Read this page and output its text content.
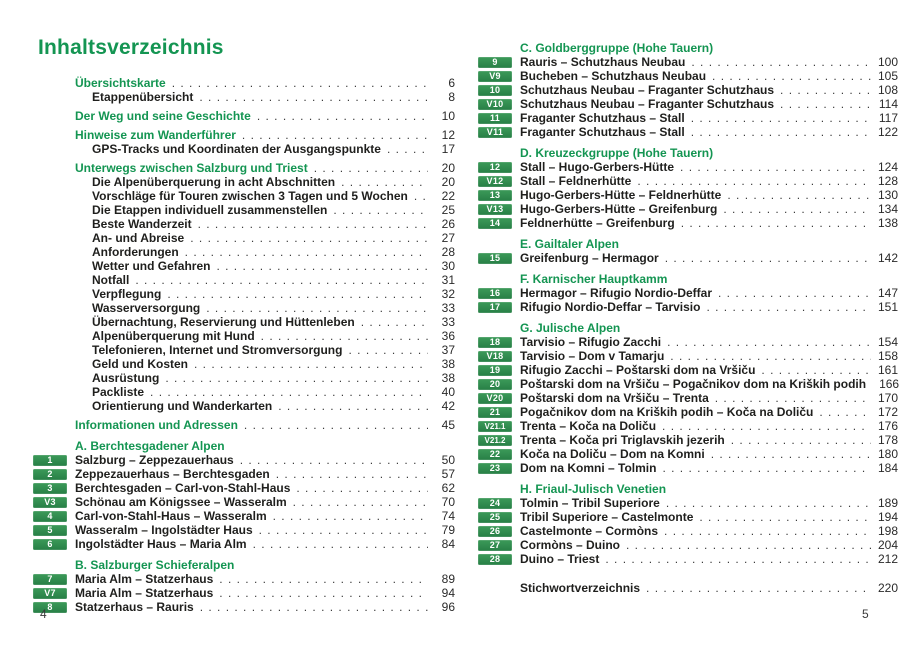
Inhaltsverzeichnis
Übersichtskarte . . .	6
Etappenübersicht . . .	8
Der Weg und seine Geschichte . . .	10
Hinweise zum Wanderführer . . .	12
GPS-Tracks und Koordinaten der Ausgangspunkte . . .	17
Unterwegs zwischen Salzburg und Triest . . .	20
Die Alpenüberquerung in acht Abschnitten . . .	20
Vorschläge für Touren zwischen 3 Tagen und 5 Wochen . . .	22
Die Etappen individuell zusammenstellen . . .	25
Beste Wanderzeit . . .	26
An- und Abreise . . .	27
Anforderungen . . .	28
Wetter und Gefahren . . .	30
Notfall . . .	31
Verpflegung . . .	32
Wasserversorgung . . .	33
Übernachtung, Reservierung und Hüttenleben . . .	33
Alpenüberquerung mit Hund . . .	36
Telefonieren, Internet und Stromversorgung . . .	37
Geld und Kosten . . .	38
Ausrüstung . . .	38
Packliste . . .	40
Orientierung und Wanderkarten . . .	42
Informationen und Adressen . . .	45
A. Berchtesgadener Alpen
1	Salzburg – Zeppezauerhaus . . .	50
2	Zeppezauerhaus – Berchtesgaden . . .	57
3	Berchtesgaden – Carl-von-Stahl-Haus . . .	62
V3	Schönau am Königssee – Wasseralm . . .	70
4	Carl-von-Stahl-Haus – Wasseralm . . .	74
5	Wasseralm – Ingolstädter Haus . . .	79
6	Ingolstädter Haus – Maria Alm . . .	84
B. Salzburger Schieferalpen
7	Maria Alm – Statzerhaus . . .	89
V7	Maria Alm – Statzerhaus . . .	94
8	Statzerhaus – Rauris . . .	96
C. Goldberggruppe (Hohe Tauern)
9	Rauris – Schutzhaus Neubau . . .	100
V9	Bucheben – Schutzhaus Neubau . . .	105
10	Schutzhaus Neubau – Fraganter Schutzhaus . . .	108
V10	Schutzhaus Neubau – Fraganter Schutzhaus . . .	114
11	Fraganter Schutzhaus – Stall . . .	117
V11	Fraganter Schutzhaus – Stall . . .	122
D. Kreuzeckgruppe (Hohe Tauern)
12	Stall – Hugo-Gerbers-Hütte . . .	124
V12	Stall – Feldnerhütte . . .	128
13	Hugo-Gerbers-Hütte – Feldnerhütte . . .	130
V13	Hugo-Gerbers-Hütte – Greifenburg . . .	134
14	Feldnerhütte – Greifenburg . . .	138
E. Gailtaler Alpen
15	Greifenburg – Hermagor . . .	142
F. Karnischer Hauptkamm
16	Hermagor – Rifugio Nordio-Deffar . . .	147
17	Rifugio Nordio-Deffar – Tarvisio . . .	151
G. Julische Alpen
18	Tarvisio – Rifugio Zacchi . . .	154
V18	Tarvisio – Dom v Tamarju . . .	158
19	Rifugio Zacchi – Poštarski dom na Vršiču . . .	161
20	Poštarski dom na Vršiču – Pogačnikov dom na Kriških podih 166
V20	Poštarski dom na Vršiču – Trenta . . .	170
21	Pogačnikov dom na Kriških podih – Koča na Doliču . . .	172
V21.1	Trenta – Koča na Doliču . . .	176
V21.2	Trenta – Koča pri Triglavskih jezerih . . .	178
22	Koča na Doliču – Dom na Komni . . .	180
23	Dom na Komni – Tolmin . . .	184
H. Friaul-Julisch Venetien
24	Tolmin – Tribil Superiore . . .	189
25	Tribil Superiore – Castelmonte . . .	194
26	Castelmonte – Cormòns . . .	198
27	Cormòns – Duino . . .	204
28	Duino – Triest . . .	212
Stichwortverzeichnis . . .	220
4	5
